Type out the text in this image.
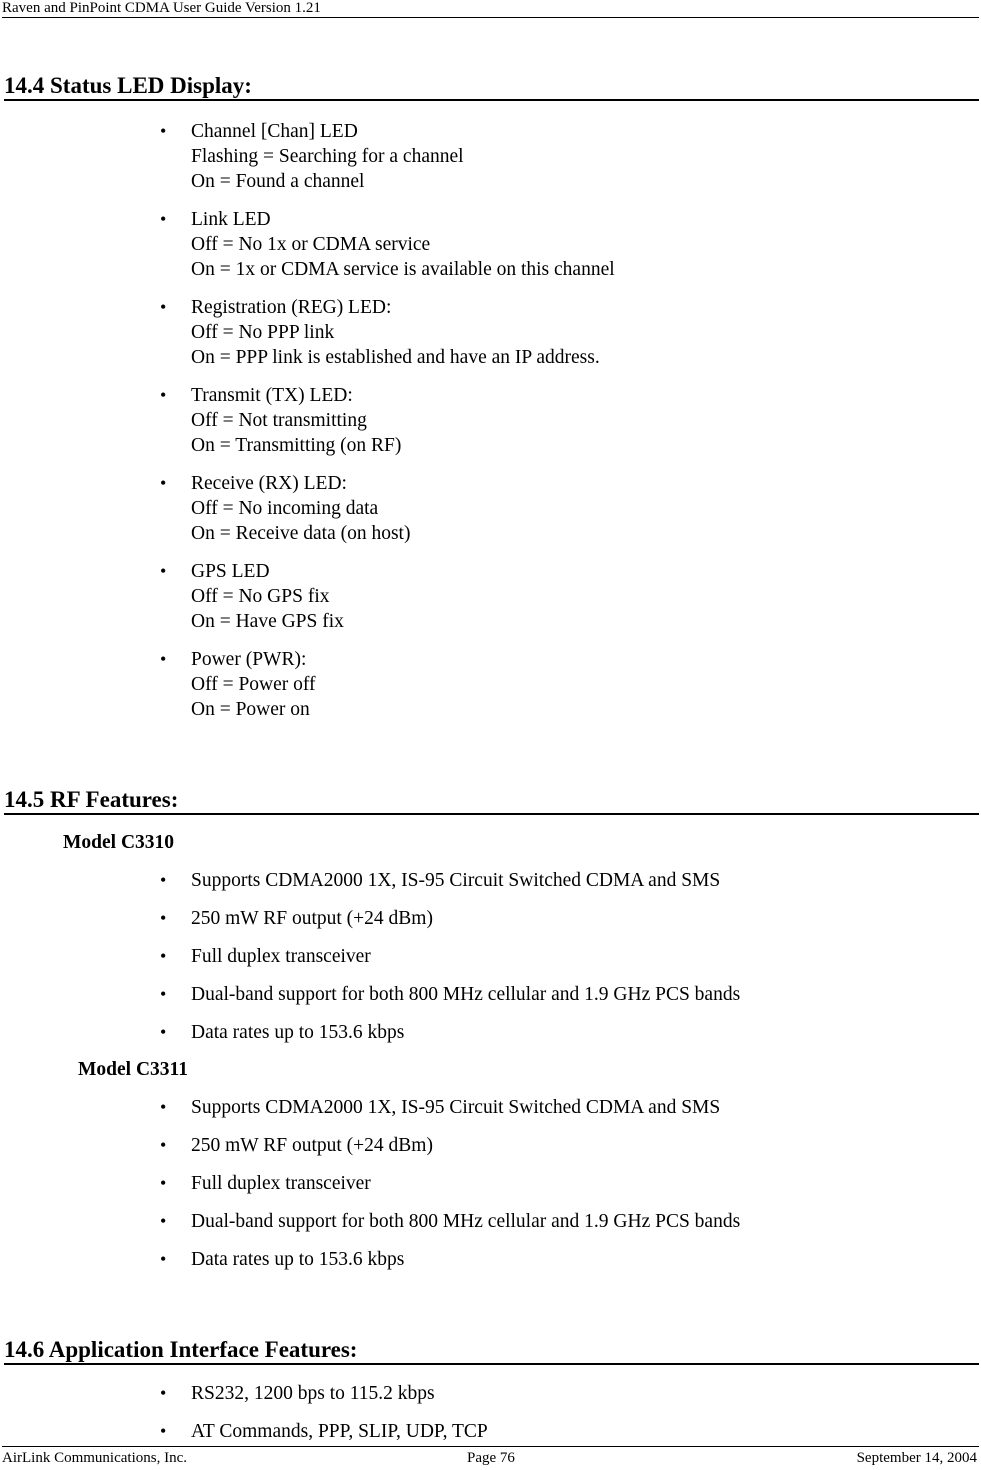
Raven and PinPoint CDMA User Guide Version 1.21
14.4 Status LED Display:
• Channel [Chan] LED
Flashing = Searching for a channel
On = Found a channel
• Link LED
Off = No 1x or CDMA service
On = 1x or CDMA service is available on this channel
• Registration (REG) LED:
Off = No PPP link
On = PPP link is established and have an IP address.
• Transmit (TX) LED:
Off = Not transmitting
On = Transmitting (on RF)
• Receive (RX) LED:
Off = No incoming data
On = Receive data (on host)
• GPS LED
Off = No GPS fix
On = Have GPS fix
• Power (PWR):
Off = Power off
On = Power on
14.5 RF Features:

Model C3310

• Supports CDMA2000 1X, IS-95 Circuit Switched CDMA and SMS
• 250 mW RF output (+24 dBm)
• Full duplex transceiver
• Dual-band support for both 800 MHz cellular and 1.9 GHz PCS bands
• Data rates up to 153.6 kbps

Model C3311

• Supports CDMA2000 1X, IS-95 Circuit Switched CDMA and SMS
• 250 mW RF output (+24 dBm)
• Full duplex transceiver
• Dual-band support for both 800 MHz cellular and 1.9 GHz PCS bands
• Data rates up to 153.6 kbps
14.6 Application Interface Features:
• RS232, 1200 bps to 115.2 kbps
• AT Commands, PPP, SLIP, UDP, TCP
AirLink Communications, Inc.	Page 76	September 14, 2004
